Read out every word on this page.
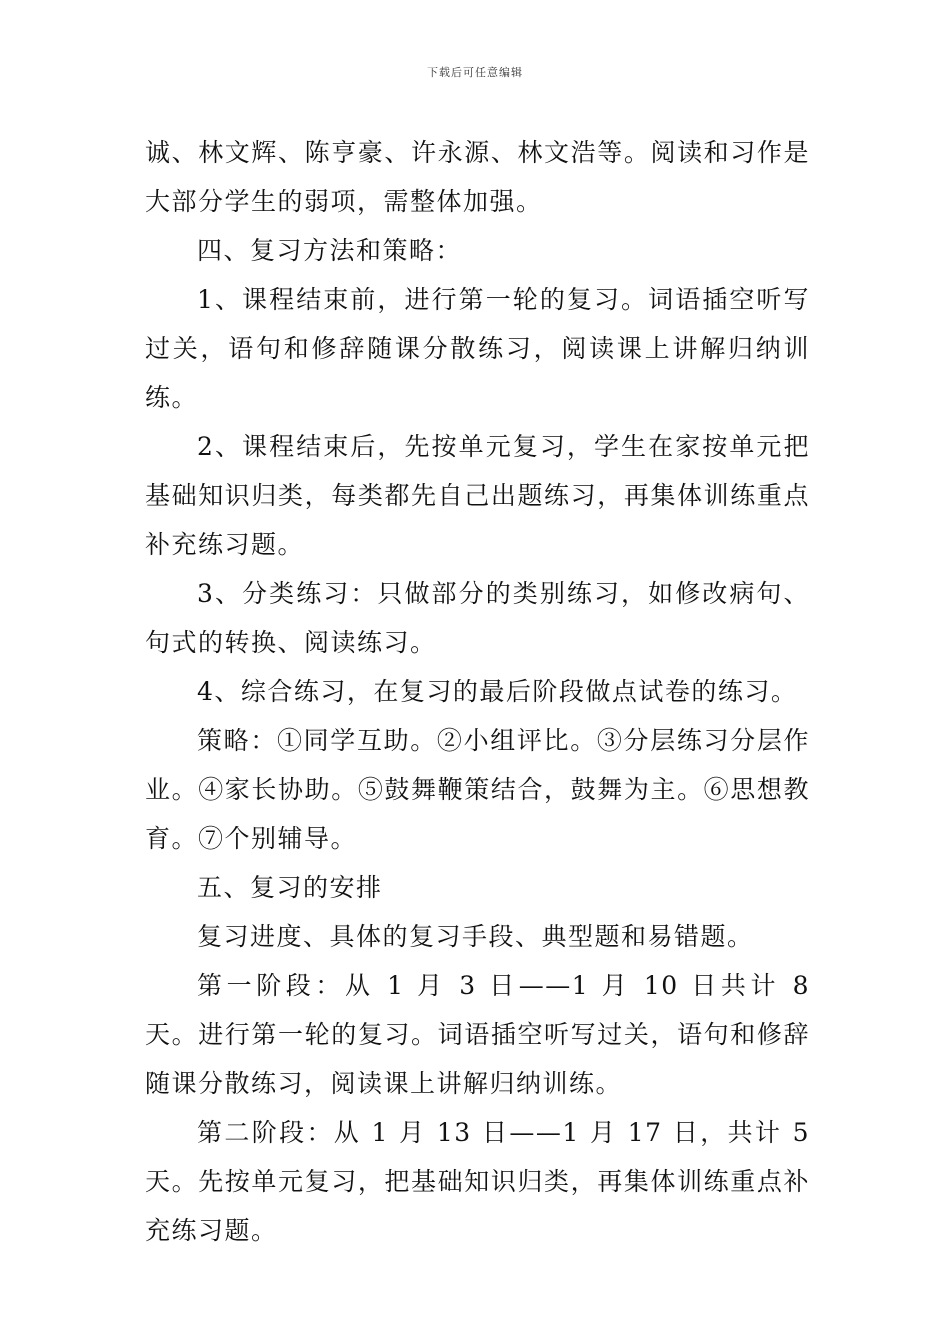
下载后可任意编辑

诚、林文辉、陈亨豪、许永源、林文浩等。阅读和习作是大部分学生的弱项，需整体加强。

四、复习方法和策略：

1、课程结束前，进行第一轮的复习。词语插空听写过关，语句和修辞随课分散练习，阅读课上讲解归纳训练。

2、课程结束后，先按单元复习，学生在家按单元把基础知识归类，每类都先自己出题练习，再集体训练重点补充练习题。

3、分类练习：只做部分的类别练习，如修改病句、句式的转换、阅读练习。

4、综合练习，在复习的最后阶段做点试卷的练习。

策略：①同学互助。②小组评比。③分层练习分层作业。④家长协助。⑤鼓舞鞭策结合，鼓舞为主。⑥思想教育。⑦个别辅导。

五、复习的安排

复习进度、具体的复习手段、典型题和易错题。

第一阶段：从 1 月 3 日——1 月 10 日共计 8 天。进行第一轮的复习。词语插空听写过关，语句和修辞随课分散练习，阅读课上讲解归纳训练。

第二阶段：从 1 月 13 日——1 月 17 日，共计 5 天。先按单元复习，把基础知识归类，再集体训练重点补充练习题。
